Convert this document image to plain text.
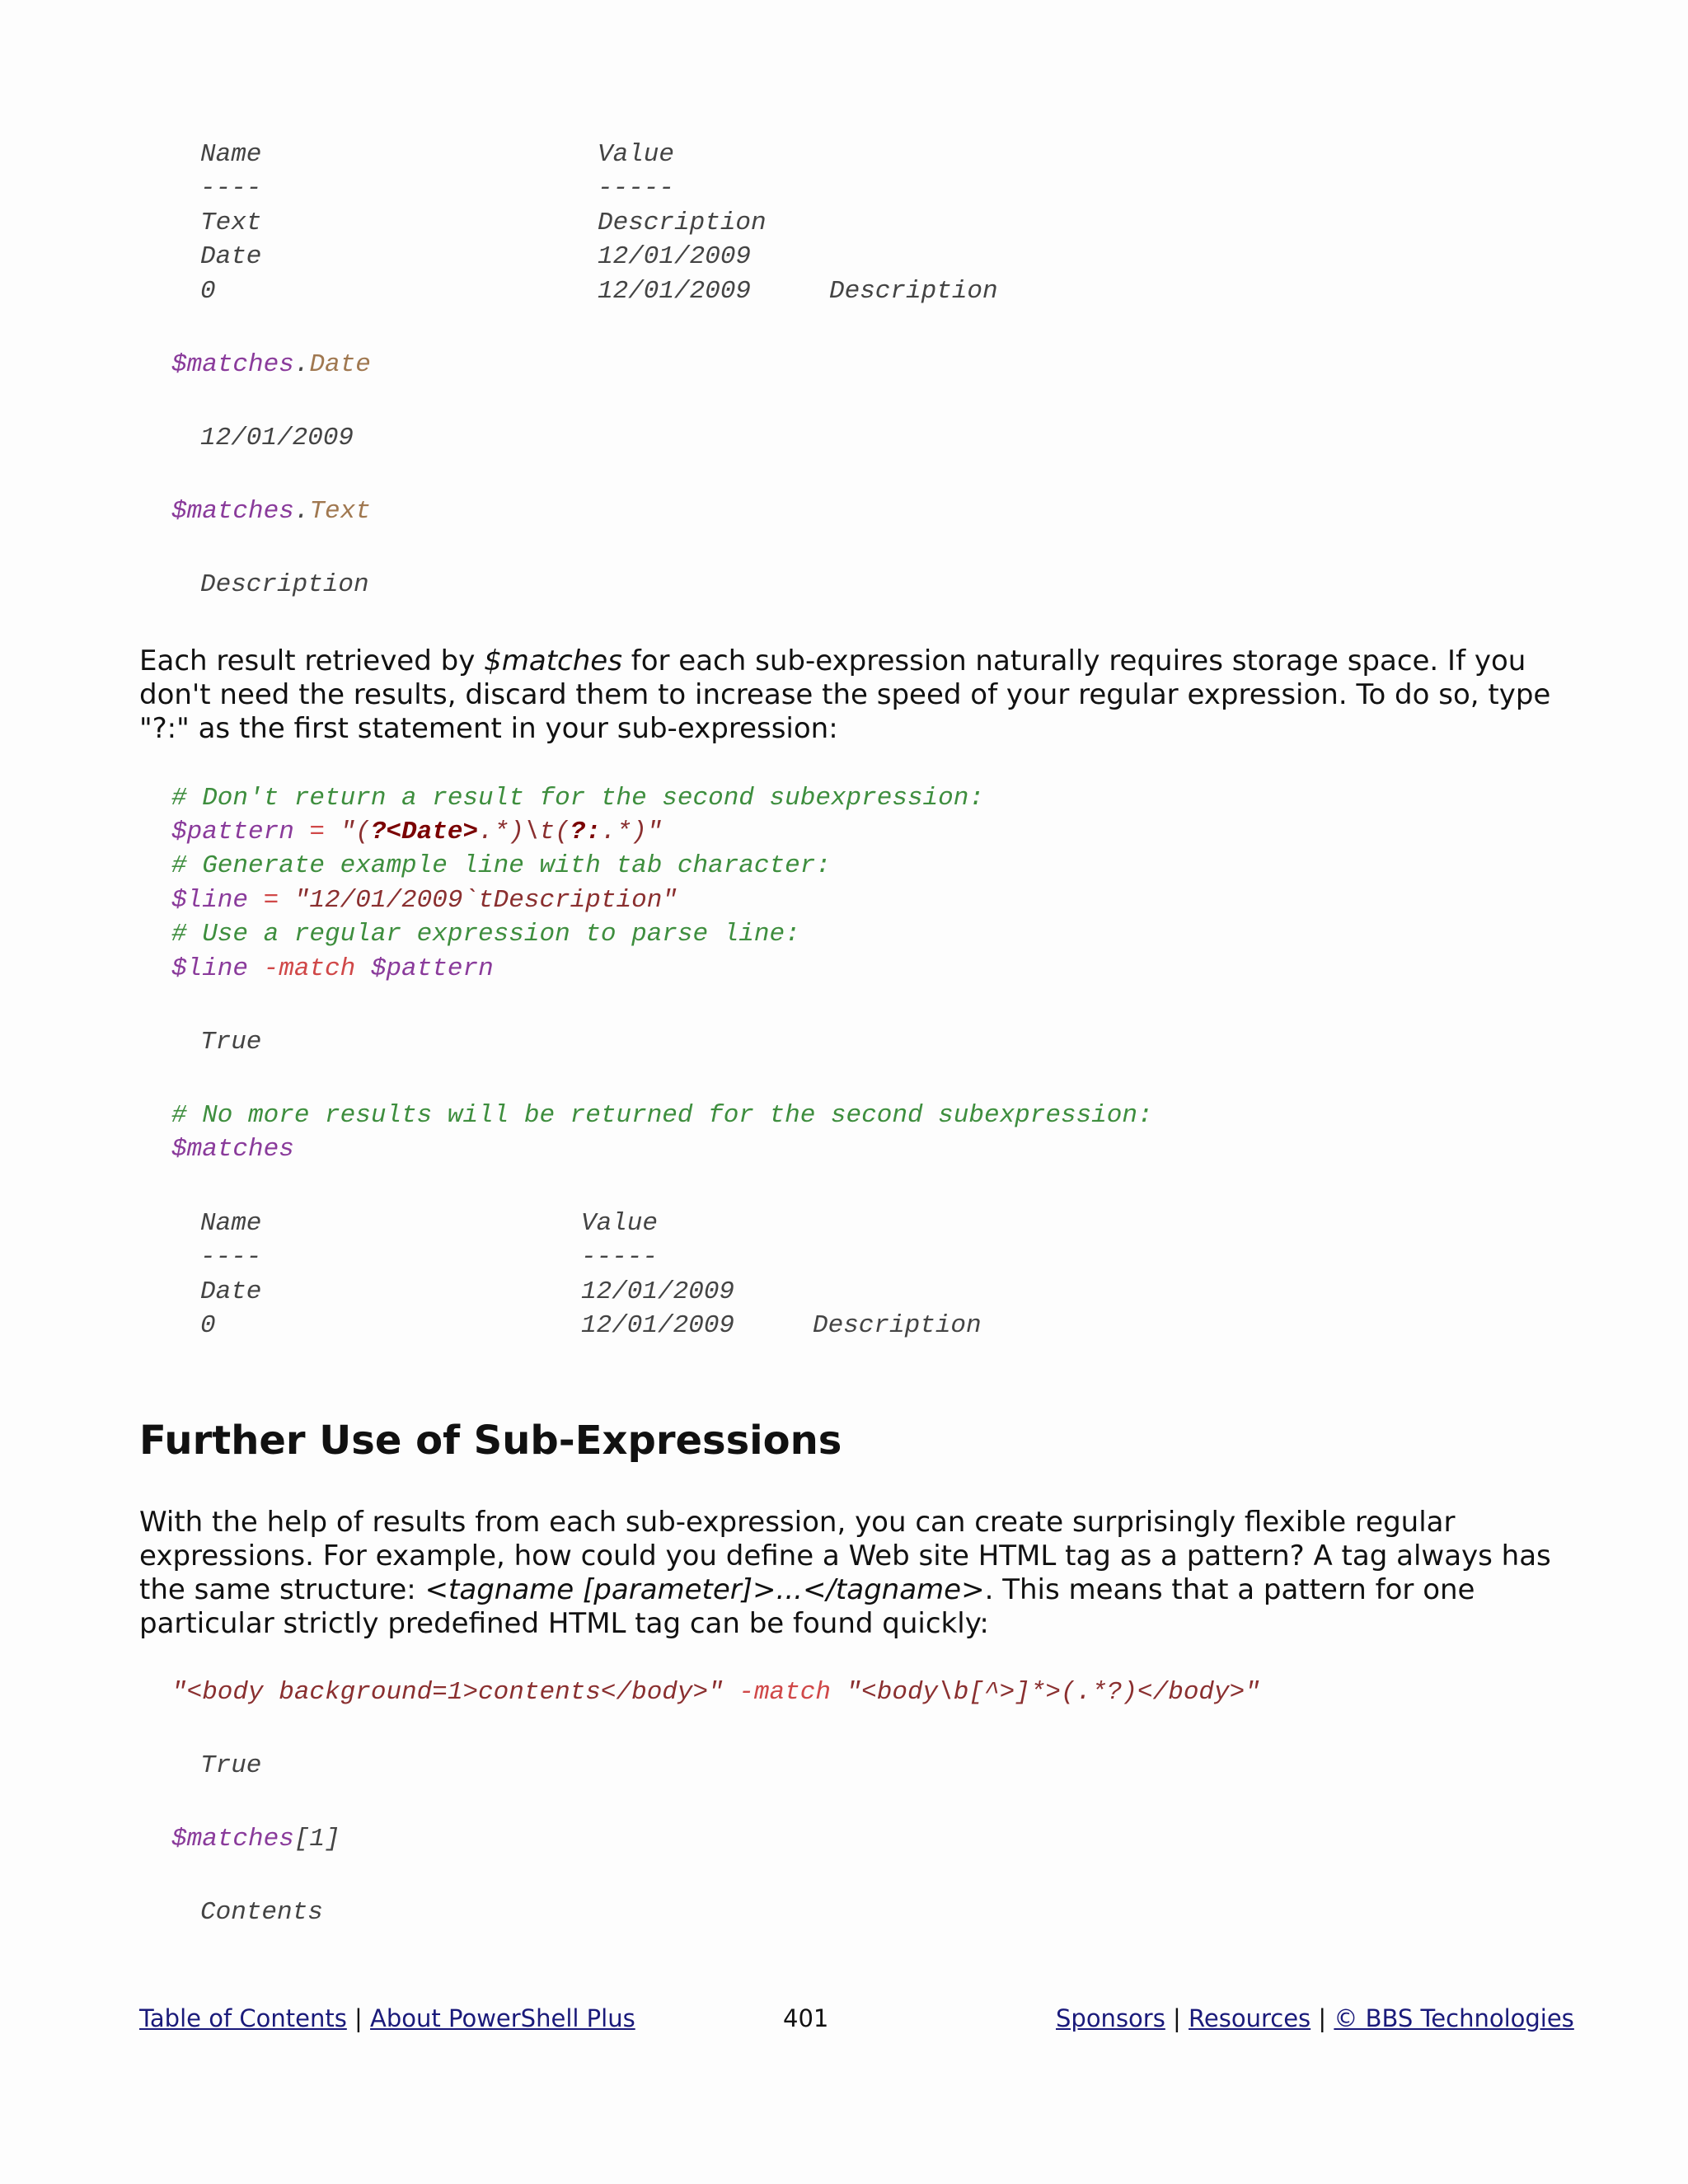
Name	Value
----	-----
Text	Description
Date	12/01/2009
0	12/01/2009	Description
$matches.Date
12/01/2009
$matches.Text
Description
Each result retrieved by $matches for each sub-expression naturally requires storage space. If you don't need the results, discard them to increase the speed of your regular expression. To do so, type "?:" as the first statement in your sub-expression:
# Don't return a result for the second subexpression:
$pattern = "(?<Date>.*)\t(?:.*)"
# Generate example line with tab character:
$line = "12/01/2009`tDescription"
# Use a regular expression to parse line:
$line -match $pattern
True
# No more results will be returned for the second subexpression:
$matches
Name	Value
----	-----
Date	12/01/2009
0	12/01/2009	Description
Further Use of Sub-Expressions
With the help of results from each sub-expression, you can create surprisingly flexible regular expressions. For example, how could you define a Web site HTML tag as a pattern? A tag always has the same structure: <tagname [parameter]>...</tagname>. This means that a pattern for one particular strictly predefined HTML tag can be found quickly:
"<body background=1>contents</body>" -match "<body\b[^>]*>(.*?)</body>"
True
$matches[1]
Contents
Table of Contents | About PowerShell Plus	401	Sponsors | Resources | © BBS Technologies
